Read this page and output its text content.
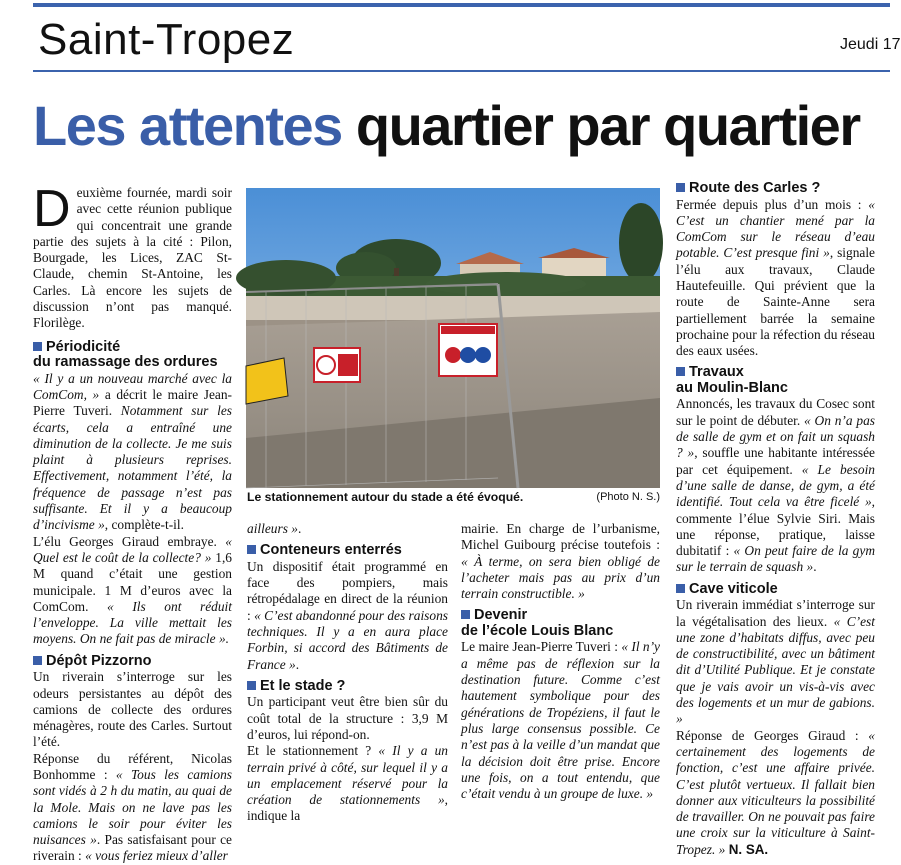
Saint-Tropez	Jeudi 17
Les attentes quartier par quartier

Deuxième fournée, mardi soir avec cette réunion publique qui concentrait une grande partie des sujets à la cité : Pilon, Bourgade, les Lices, ZAC St-Claude, chemin St-Antoine, les Carles. Là encore les sujets de discussion n’ont pas manqué. Florilège.

Périodicité
du ramassage des ordures

« Il y a un nouveau marché avec la ComCom, » a décrit le maire Jean-Pierre Tuveri. Notamment sur les écarts, cela a entraîné une diminution de la collecte. Je me suis plaint à plusieurs reprises. Effectivement, notamment l’été, la fréquence de passage n’est pas suffisante. Et il y a beaucoup d’incivisme », complète-t-il.

L’élu Georges Giraud embraye. « Quel est le coût de la collecte? » 1,6 M quand c’était une gestion municipale. 1 M d’euros avec la ComCom. « Ils ont réduit l’enveloppe. La ville mettait les moyens. On ne fait pas de miracle ».

Dépôt Pizzorno

Un riverain s’interroge sur les odeurs persistantes au dépôt des camions de collecte des ordures ménagères, route des Carles. Surtout l’été.

Réponse du référent, Nicolas Bonhomme : « Tous les camions sont vidés à 2 h du matin, au quai de la Mole. Mais on ne lave pas les camions le soir pour éviter les nuisances ». Pas satisfaisant pour ce riverain : « vous feriez mieux d’aller

Le stationnement autour du stade a été évoqué.	(Photo N. S.)

ailleurs ».

Conteneurs enterrés

Un dispositif était programmé en face des pompiers, mais rétropédalage en direct de la réunion : « C’est abandonné pour des raisons techniques. Il y a en aura place Forbin, si accord des Bâtiments de France ».

Et le stade ?

Un participant veut être bien sûr du coût total de la structure : 3,9 M d’euros, lui répond-on.

Et le stationnement ? « Il y a un terrain privé à côté, sur lequel il y a un emplacement réservé pour la création de stationnements », indique la

mairie. En charge de l’urbanisme, Michel Guibourg précise toutefois : « À terme, on sera bien obligé de l’acheter mais pas au prix d’un terrain constructible. »

Devenir
de l’école Louis Blanc

Le maire Jean-Pierre Tuveri : « Il n’y a même pas de réflexion sur la destination future. Comme c’est hautement symbolique pour des générations de Tropéziens, il faut le plus large consensus possible. Ce n’est pas à la veille d’un mandat que la décision doit être prise. Encore une fois, on a tout entendu, que c’était vendu à un groupe de luxe. »

Route des Carles ?

Fermée depuis plus d’un mois : « C’est un chantier mené par la ComCom sur le réseau d’eau potable. C’est presque fini », signale l’élu aux travaux, Claude Hautefeuille. Qui prévient que la route de Sainte-Anne sera partiellement barrée la semaine prochaine pour la réfection du réseau des eaux usées.

Travaux
au Moulin-Blanc

Annoncés, les travaux du Cosec sont sur le point de débuter. « On n’a pas de salle de gym et on fait un squash ? », souffle une habitante intéressée par cet équipement. « Le besoin d’une salle de danse, de gym, a été identifié. Tout cela va être ficelé », commente l’élue Sylvie Siri. Mais une réponse, pratique, laisse dubitatif : « On peut faire de la gym sur le terrain de squash ».

Cave viticole

Un riverain immédiat s’interroge sur la végétalisation des lieux. « C’est une zone d’habitats diffus, avec peu de constructibilité, avec un bâtiment dit d’Utilité Publique. Et je constate que je vais avoir un vis-à-vis avec des logements et un mur de gabions. »

Réponse de Georges Giraud : « certainement des logements de fonction, c’est une affaire privée. C’est plutôt vertueux. Il fallait bien donner aux viticulteurs la possibilité de travailler. On ne pouvait pas faire une croix sur la viticulture à Saint-Tropez. » N. SA.
